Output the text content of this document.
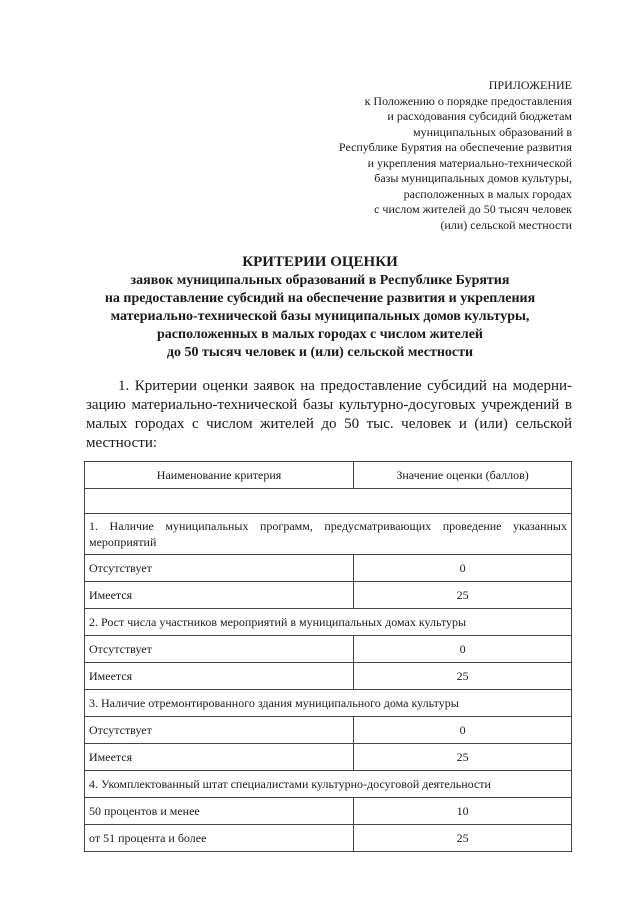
ПРИЛОЖЕНИЕ
к Положению о порядке предоставления
и расходования субсидий бюджетам
муниципальных образований в
Республике Бурятия на обеспечение развития
и укрепления материально-технической
базы муниципальных домов культуры,
расположенных в малых городах
с числом жителей до 50 тысяч человек
(или) сельской местности
КРИТЕРИИ ОЦЕНКИ
заявок муниципальных образований в Республике Бурятия
на предоставление субсидий на обеспечение развития и укрепления
материально-технической базы муниципальных домов культуры,
расположенных в малых городах с числом жителей
до 50 тысяч человек и (или) сельской местности
1. Критерии оценки заявок на предоставление субсидий на модерни-
зацию материально-технической базы культурно-досуговых учреждений в
малых городах с числом жителей до 50 тыс. человек и (или) сельской
местности:
Наименование критерия	Значение оценки (баллов)

1. Наличие муниципальных программ, предусматривающих проведение указанных мероприятий	
Отсутствует	0
Имеется	25
2. Рост числа участников мероприятий в муниципальных домах культуры	
Отсутствует	0
Имеется	25
3. Наличие отремонтированного здания муниципального дома культуры	
Отсутствует	0
Имеется	25
4. Укомплектованный штат специалистами культурно-досуговой деятельности	
50 процентов и менее	10
от 51 процента и более	25
